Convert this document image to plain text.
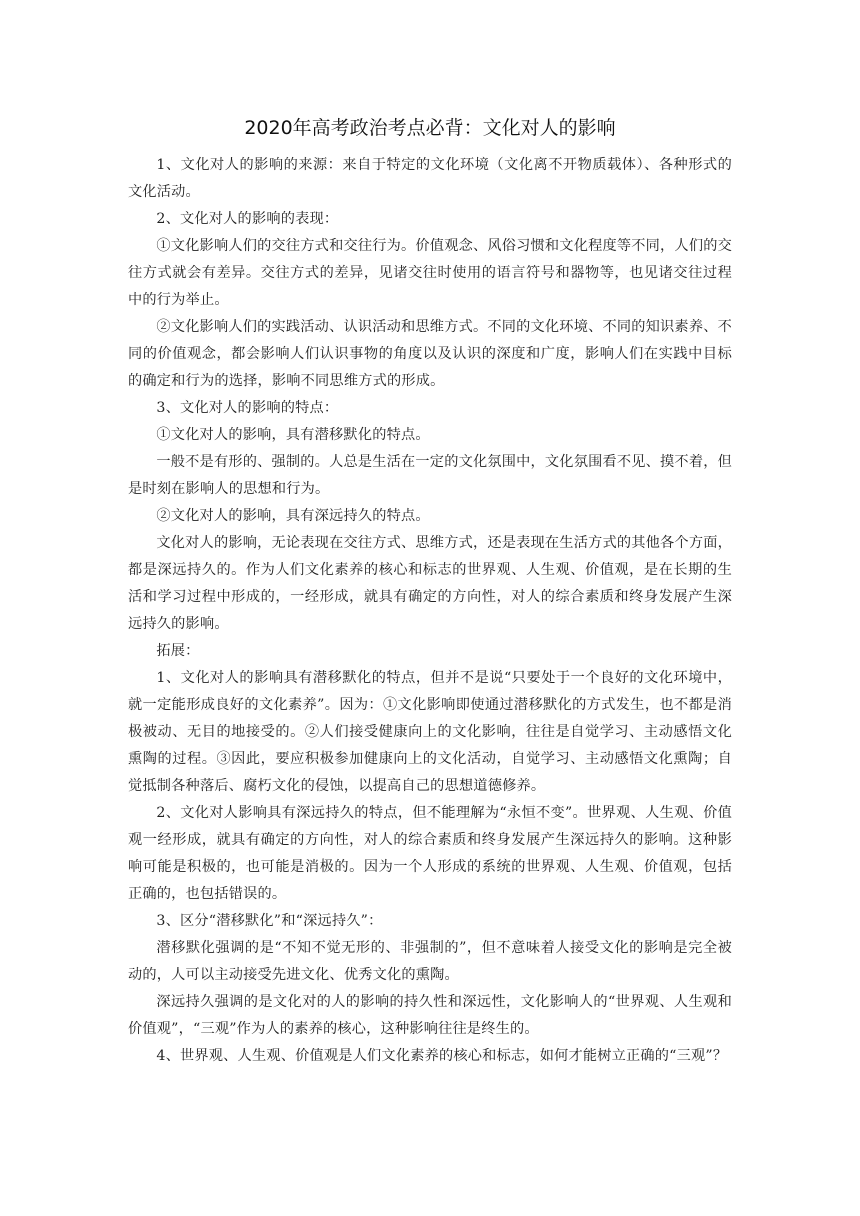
2020年高考政治考点必背：文化对人的影响

1、文化对人的影响的来源：来自于特定的文化环境（文化离不开物质载体）、各种形式的文化活动。

2、文化对人的影响的表现：

①文化影响人们的交往方式和交往行为。价值观念、风俗习惯和文化程度等不同，人们的交往方式就会有差异。交往方式的差异，见诸交往时使用的语言符号和器物等，也见诸交往过程中的行为举止。

②文化影响人们的实践活动、认识活动和思维方式。不同的文化环境、不同的知识素养、不同的价值观念，都会影响人们认识事物的角度以及认识的深度和广度，影响人们在实践中目标的确定和行为的选择，影响不同思维方式的形成。

3、文化对人的影响的特点：

①文化对人的影响，具有潜移默化的特点。

一般不是有形的、强制的。人总是生活在一定的文化氛围中，文化氛围看不见、摸不着，但是时刻在影响人的思想和行为。

②文化对人的影响，具有深远持久的特点。

文化对人的影响，无论表现在交往方式、思维方式，还是表现在生活方式的其他各个方面，都是深远持久的。作为人们文化素养的核心和标志的世界观、人生观、价值观，是在长期的生活和学习过程中形成的，一经形成，就具有确定的方向性，对人的综合素质和终身发展产生深远持久的影响。

拓展：

1、文化对人的影响具有潜移默化的特点，但并不是说“只要处于一个良好的文化环境中，就一定能形成良好的文化素养”。因为：①文化影响即使通过潜移默化的方式发生，也不都是消极被动、无目的地接受的。②人们接受健康向上的文化影响，往往是自觉学习、主动感悟文化熏陶的过程。③因此，要应积极参加健康向上的文化活动，自觉学习、主动感悟文化熏陶；自觉抵制各种落后、腐朽文化的侵蚀，以提高自己的思想道德修养。

2、文化对人影响具有深远持久的特点，但不能理解为“永恒不变”。世界观、人生观、价值观一经形成，就具有确定的方向性，对人的综合素质和终身发展产生深远持久的影响。这种影响可能是积极的，也可能是消极的。因为一个人形成的系统的世界观、人生观、价值观，包括正确的，也包括错误的。

3、区分“潜移默化”和“深远持久”：

潜移默化强调的是“不知不觉无形的、非强制的”，但不意味着人接受文化的影响是完全被动的，人可以主动接受先进文化、优秀文化的熏陶。

深远持久强调的是文化对的人的影响的持久性和深远性，文化影响人的“世界观、人生观和价值观”，“三观”作为人的素养的核心，这种影响往往是终生的。

4、世界观、人生观、价值观是人们文化素养的核心和标志，如何才能树立正确的“三观”？
